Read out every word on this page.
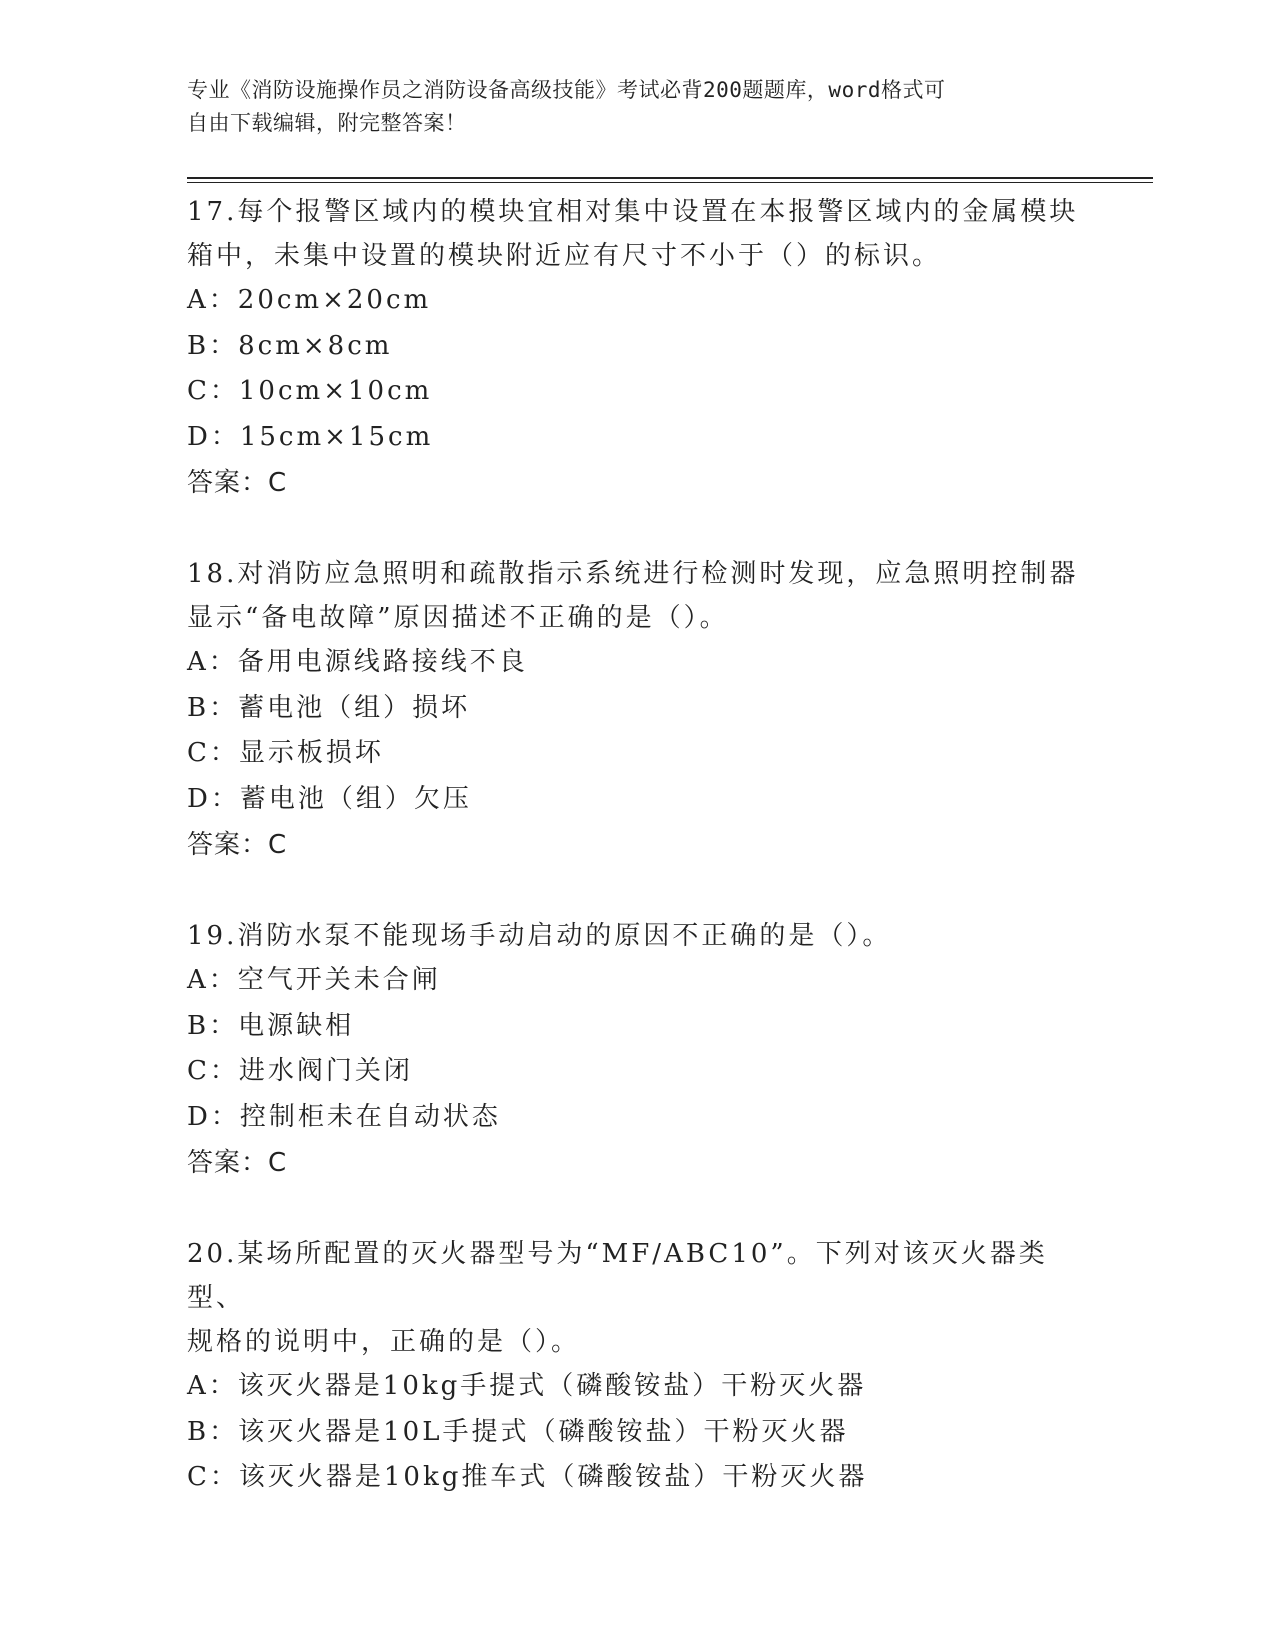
专业《消防设施操作员之消防设备高级技能》考试必背200题题库，word格式可
自由下载编辑，附完整答案！

17.每个报警区域内的模块宜相对集中设置在本报警区域内的金属模块

箱中，未集中设置的模块附近应有尺寸不小于（）的标识。

A：20cm×20cm

B：8cm×8cm

C：10cm×10cm

D：15cm×15cm

答案：C

18.对消防应急照明和疏散指示系统进行检测时发现，应急照明控制器

显示“备电故障”原因描述不正确的是（）。

A：备用电源线路接线不良

B：蓄电池（组）损坏

C：显示板损坏

D：蓄电池（组）欠压

答案：C

19.消防水泵不能现场手动启动的原因不正确的是（）。

A：空气开关未合闸

B：电源缺相

C：进水阀门关闭

D：控制柜未在自动状态

答案：C

20.某场所配置的灭火器型号为“MF/ABC10”。下列对该灭火器类型、

规格的说明中，正确的是（）。

A：该灭火器是10kg手提式（磷酸铵盐）干粉灭火器

B：该灭火器是10L手提式（磷酸铵盐）干粉灭火器

C：该灭火器是10kg推车式（磷酸铵盐）干粉灭火器
